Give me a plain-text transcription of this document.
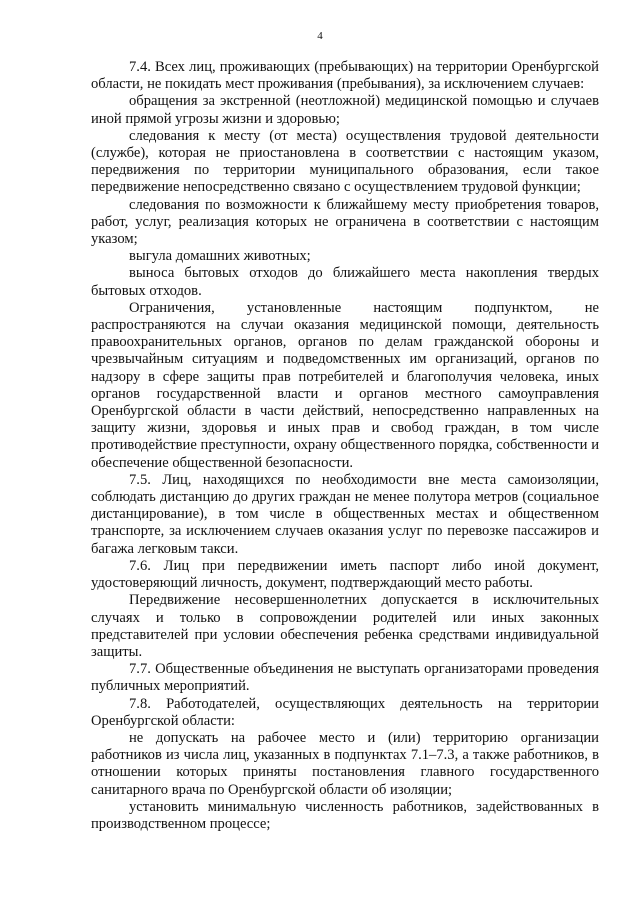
4

7.4. Всех лиц, проживающих (пребывающих) на территории Оренбургской области, не покидать мест проживания (пребывания), за исключением случаев:

обращения за экстренной (неотложной) медицинской помощью и случаев иной прямой угрозы жизни и здоровью;

следования к месту (от места) осуществления трудовой деятельности (службе), которая не приостановлена в соответствии с настоящим указом, передвижения по территории муниципального образования, если такое передвижение непосредственно связано с осуществлением трудовой функции;

следования по возможности к ближайшему месту приобретения товаров, работ, услуг, реализация которых не ограничена в соответствии с настоящим указом;

выгула домашних животных;

выноса бытовых отходов до ближайшего места накопления твердых бытовых отходов.

Ограничения, установленные настоящим подпунктом, не распространяются на случаи оказания медицинской помощи, деятельность правоохранительных органов, органов по делам гражданской обороны и чрезвычайным ситуациям и подведомственных им организаций, органов по надзору в сфере защиты прав потребителей и благополучия человека, иных органов государственной власти и органов местного самоуправления Оренбургской области в части действий, непосредственно направленных на защиту жизни, здоровья и иных прав и свобод граждан, в том числе противодействие преступности, охрану общественного порядка, собственности и обеспечение общественной безопасности.

7.5. Лиц, находящихся по необходимости вне места самоизоляции, соблюдать дистанцию до других граждан не менее полутора метров (социальное дистанцирование), в том числе в общественных местах и общественном транспорте, за исключением случаев оказания услуг по перевозке пассажиров и багажа легковым такси.

7.6. Лиц при передвижении иметь паспорт либо иной документ, удостоверяющий личность, документ, подтверждающий место работы.

Передвижение несовершеннолетних допускается в исключительных случаях и только в сопровождении родителей или иных законных представителей при условии обеспечения ребенка средствами индивидуальной защиты.

7.7. Общественные объединения не выступать организаторами проведения публичных мероприятий.

7.8. Работодателей, осуществляющих деятельность на территории Оренбургской области:

не допускать на рабочее место и (или) территорию организации работников из числа лиц, указанных в подпунктах 7.1–7.3, а также работников, в отношении которых приняты постановления главного государственного санитарного врача по Оренбургской области об изоляции;

установить минимальную численность работников, задействованных в производственном процессе;
